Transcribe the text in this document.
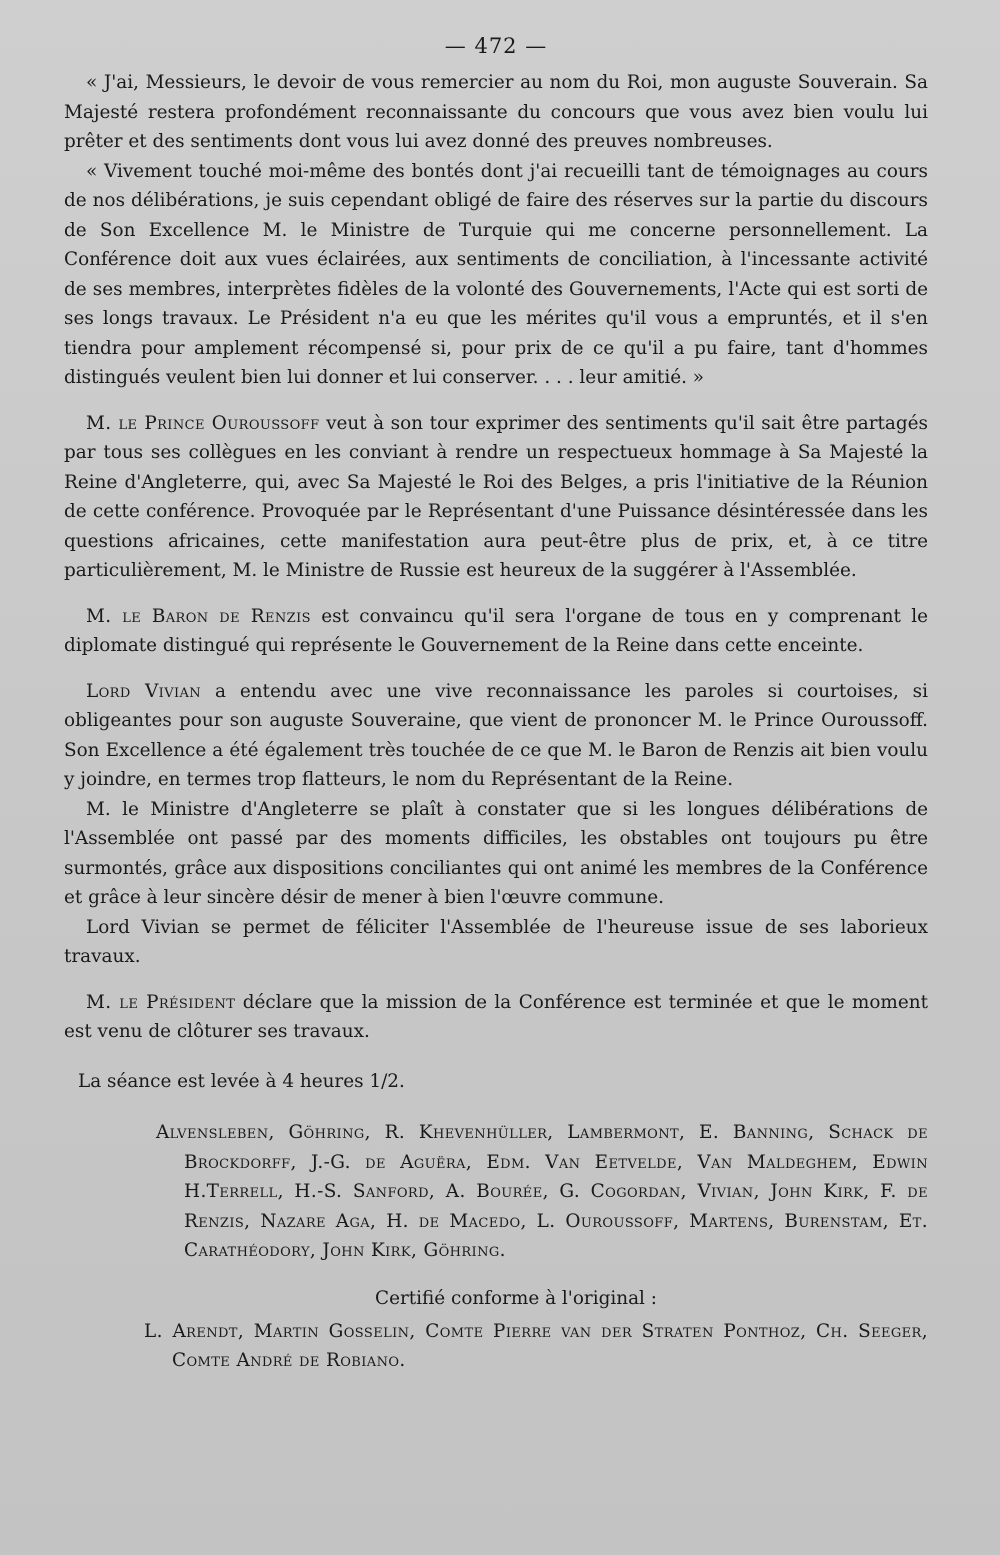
— 472 —

« J'ai, Messieurs, le devoir de vous remercier au nom du Roi, mon auguste Souverain. Sa Majesté restera profondément reconnaissante du concours que vous avez bien voulu lui prêter et des sentiments dont vous lui avez donné des preuves nombreuses.

« Vivement touché moi-même des bontés dont j'ai recueilli tant de témoignages au cours de nos délibérations, je suis cependant obligé de faire des réserves sur la partie du discours de Son Excellence M. le Ministre de Turquie qui me concerne personnellement. La Conférence doit aux vues éclairées, aux sentiments de conciliation, à l'incessante activité de ses membres, interprètes fidèles de la volonté des Gouvernements, l'Acte qui est sorti de ses longs travaux. Le Président n'a eu que les mérites qu'il vous a empruntés, et il s'en tiendra pour amplement récompensé si, pour prix de ce qu'il a pu faire, tant d'hommes distingués veulent bien lui donner et lui conserver. . . . leur amitié. »

M. le Prince Ouroussoff veut à son tour exprimer des sentiments qu'il sait être partagés par tous ses collègues en les conviant à rendre un respectueux hommage à Sa Majesté la Reine d'Angleterre, qui, avec Sa Majesté le Roi des Belges, a pris l'initiative de la Réunion de cette conférence. Provoquée par le Représentant d'une Puissance désintéressée dans les questions africaines, cette manifestation aura peut-être plus de prix, et, à ce titre particulièrement, M. le Ministre de Russie est heureux de la suggérer à l'Assemblée.

M. le Baron de Renzis est convaincu qu'il sera l'organe de tous en y comprenant le diplomate distingué qui représente le Gouvernement de la Reine dans cette enceinte.

Lord Vivian a entendu avec une vive reconnaissance les paroles si courtoises, si obligeantes pour son auguste Souveraine, que vient de prononcer M. le Prince Ouroussoff. Son Excellence a été également très touchée de ce que M. le Baron de Renzis ait bien voulu y joindre, en termes trop flatteurs, le nom du Représentant de la Reine.

M. le Ministre d'Angleterre se plaît à constater que si les longues délibérations de l'Assemblée ont passé par des moments difficiles, les obstables ont toujours pu être surmontés, grâce aux dispositions conciliantes qui ont animé les membres de la Conférence et grâce à leur sincère désir de mener à bien l'œuvre commune.

Lord Vivian se permet de féliciter l'Assemblée de l'heureuse issue de ses laborieux travaux.

M. le Président déclare que la mission de la Conférence est terminée et que le moment est venu de clôturer ses travaux.

La séance est levée à 4 heures 1/2.

Alvensleben, Göhring, R. Khevenhüller, Lambermont, E. Banning, Schack de Brockdorff, J.-G. de Aguëra, Edm. Van Eetvelde, Van Maldeghem, Edwin H.Terrell, H.-S. Sanford, A. Bourée, G. Cogordan, Vivian, John Kirk, F. de Renzis, Nazare Aga, H. de Macedo, L. Ouroussoff, Martens, Burenstam, Et. Carathéodory, John Kirk, Göhring.
Certifié conforme à l'original :
L. Arendt, Martin Gosselin, Comte Pierre van der Straten Ponthoz, Ch. Seeger, Comte André de Robiano.
